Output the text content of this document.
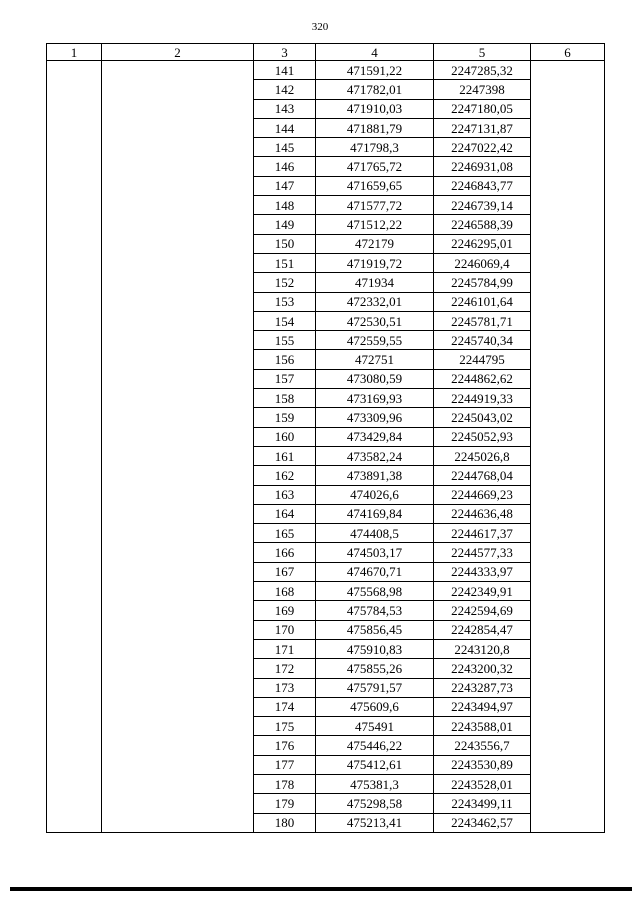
320
1	2	3	4	5	6
		141	471591,22	2247285,32	
		142	471782,01	2247398	
		143	471910,03	2247180,05	
		144	471881,79	2247131,87	
		145	471798,3	2247022,42	
		146	471765,72	2246931,08	
		147	471659,65	2246843,77	
		148	471577,72	2246739,14	
		149	471512,22	2246588,39	
		150	472179	2246295,01	
		151	471919,72	2246069,4	
		152	471934	2245784,99	
		153	472332,01	2246101,64	
		154	472530,51	2245781,71	
		155	472559,55	2245740,34	
		156	472751	2244795	
		157	473080,59	2244862,62	
		158	473169,93	2244919,33	
		159	473309,96	2245043,02	
		160	473429,84	2245052,93	
		161	473582,24	2245026,8	
		162	473891,38	2244768,04	
		163	474026,6	2244669,23	
		164	474169,84	2244636,48	
		165	474408,5	2244617,37	
		166	474503,17	2244577,33	
		167	474670,71	2244333,97	
		168	475568,98	2242349,91	
		169	475784,53	2242594,69	
		170	475856,45	2242854,47	
		171	475910,83	2243120,8	
		172	475855,26	2243200,32	
		173	475791,57	2243287,73	
		174	475609,6	2243494,97	
		175	475491	2243588,01	
		176	475446,22	2243556,7	
		177	475412,61	2243530,89	
		178	475381,3	2243528,01	
		179	475298,58	2243499,11	
		180	475213,41	2243462,57	
